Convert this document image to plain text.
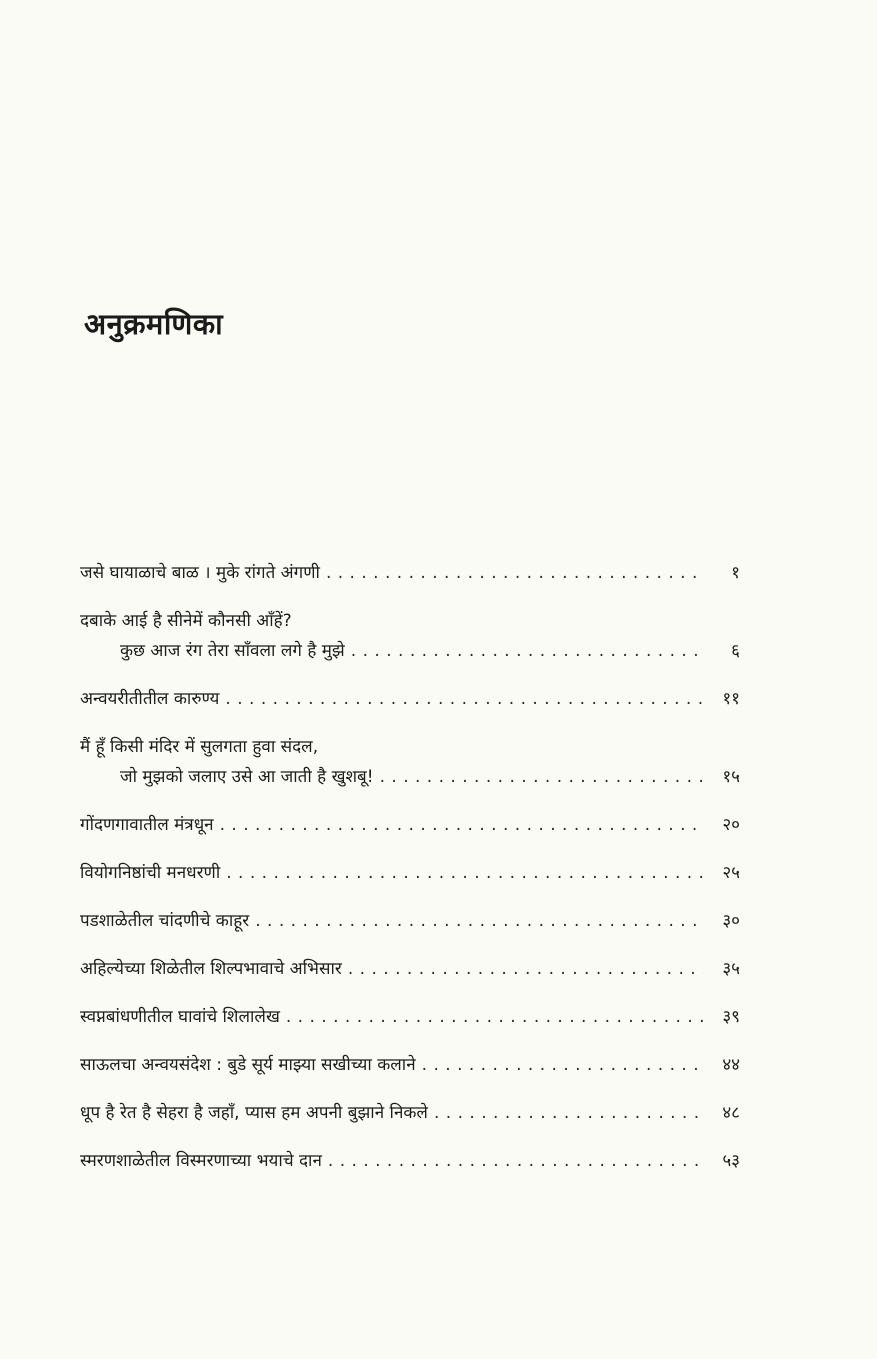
अनुक्रमणिका
जसे घायाळाचे बाळ । मुके रांगते अंगणी . . .	१
दबाके आई है सीनेमें कौनसी आँहें?
कुछ आज रंग तेरा साँवला लगे है मुझे . . .	६
अन्वयरीतीतील कारुण्य . . .	११
मैं हूँ किसी मंदिर में सुलगता हुवा संदल,
जो मुझको जलाए उसे आ जाती है खुशबू! . . .	१५
गोंदणगावातील मंत्रधून . . .	२०
वियोगनिष्ठांची मनधरणी . . .	२५
पडशाळेतील चांदणीचे काहूर . . .	३०
अहिल्येच्या शिळेतील शिल्पभावाचे अभिसार . . .	३५
स्वप्नबांधणीतील घावांचे शिलालेख . . .	३९
साऊलचा अन्वयसंदेश : बुडे सूर्य माझ्या सखीच्या कलाने . . .	४४
धूप है रेत है सेहरा है जहाँ, प्यास हम अपनी बुझाने निकले . . .	४८
स्मरणशाळेतील विस्मरणाच्या भयाचे दान . . .	५३
